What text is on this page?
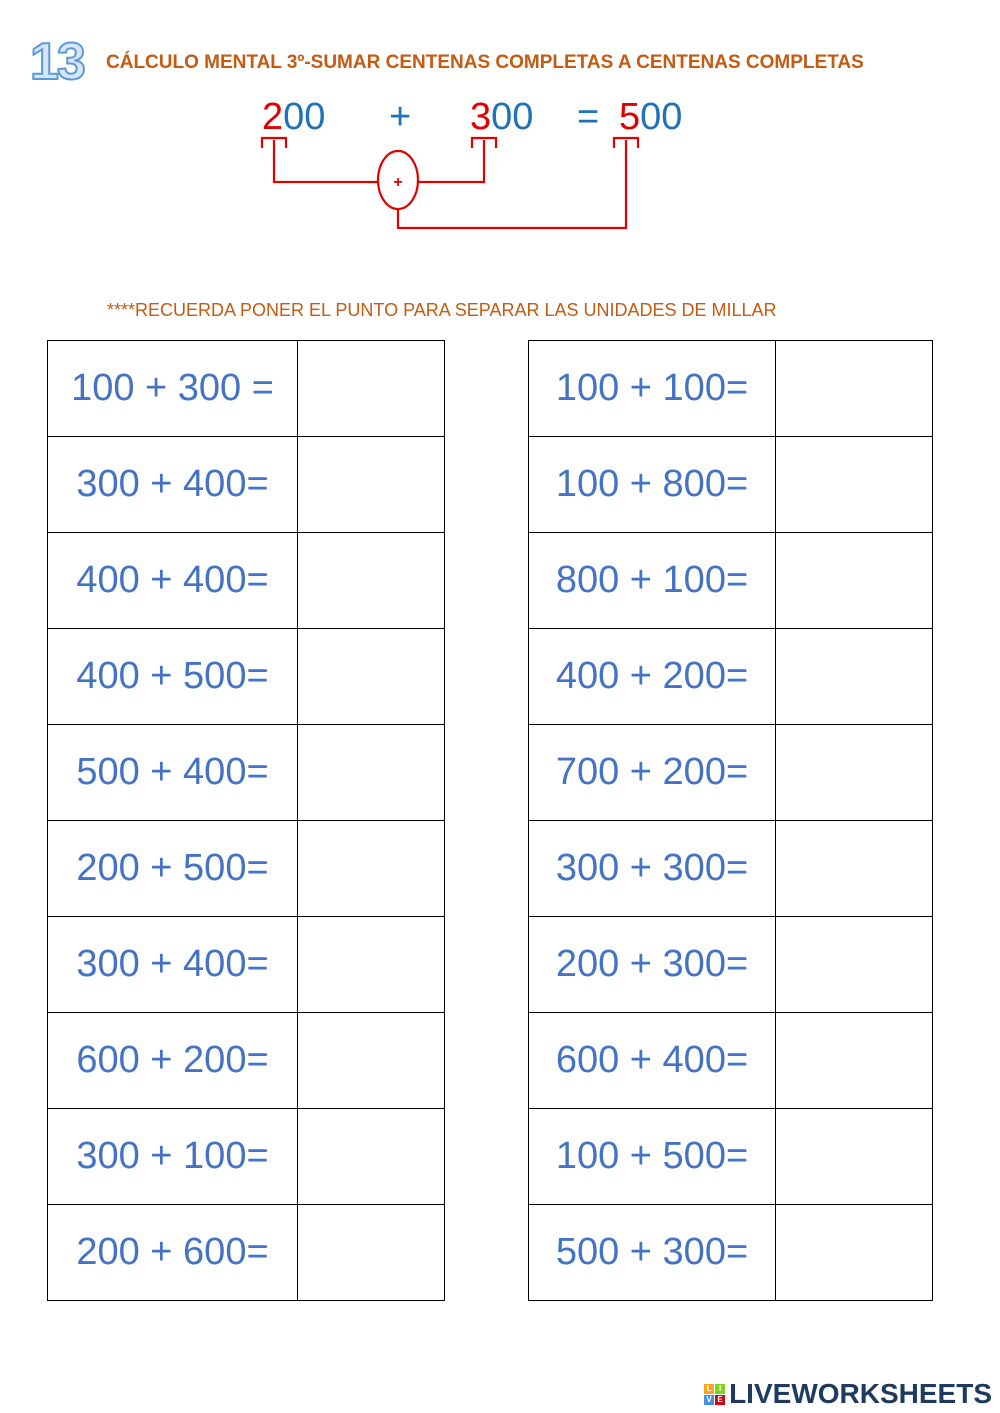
13 CÁLCULO MENTAL 3º-SUMAR CENTENAS COMPLETAS A CENTENAS COMPLETAS
200 + 300 = 500
+
****RECUERDA PONER EL PUNTO PARA SEPARAR LAS UNIDADES DE MILLAR
100 + 300 =	
300 + 400=	
400 + 400=	
400 + 500=	
500 + 400=	
200 + 500=	
300 + 400=	
600 + 200=	
300 + 100=	
200 + 600=	
100 + 100=	
100 + 800=	
800 + 100=	
400 + 200=	
700 + 200=	
300 + 300=	
200 + 300=	
600 + 400=	
100 + 500=	
500 + 300=	
L I
V E LIVEWORKSHEETS
